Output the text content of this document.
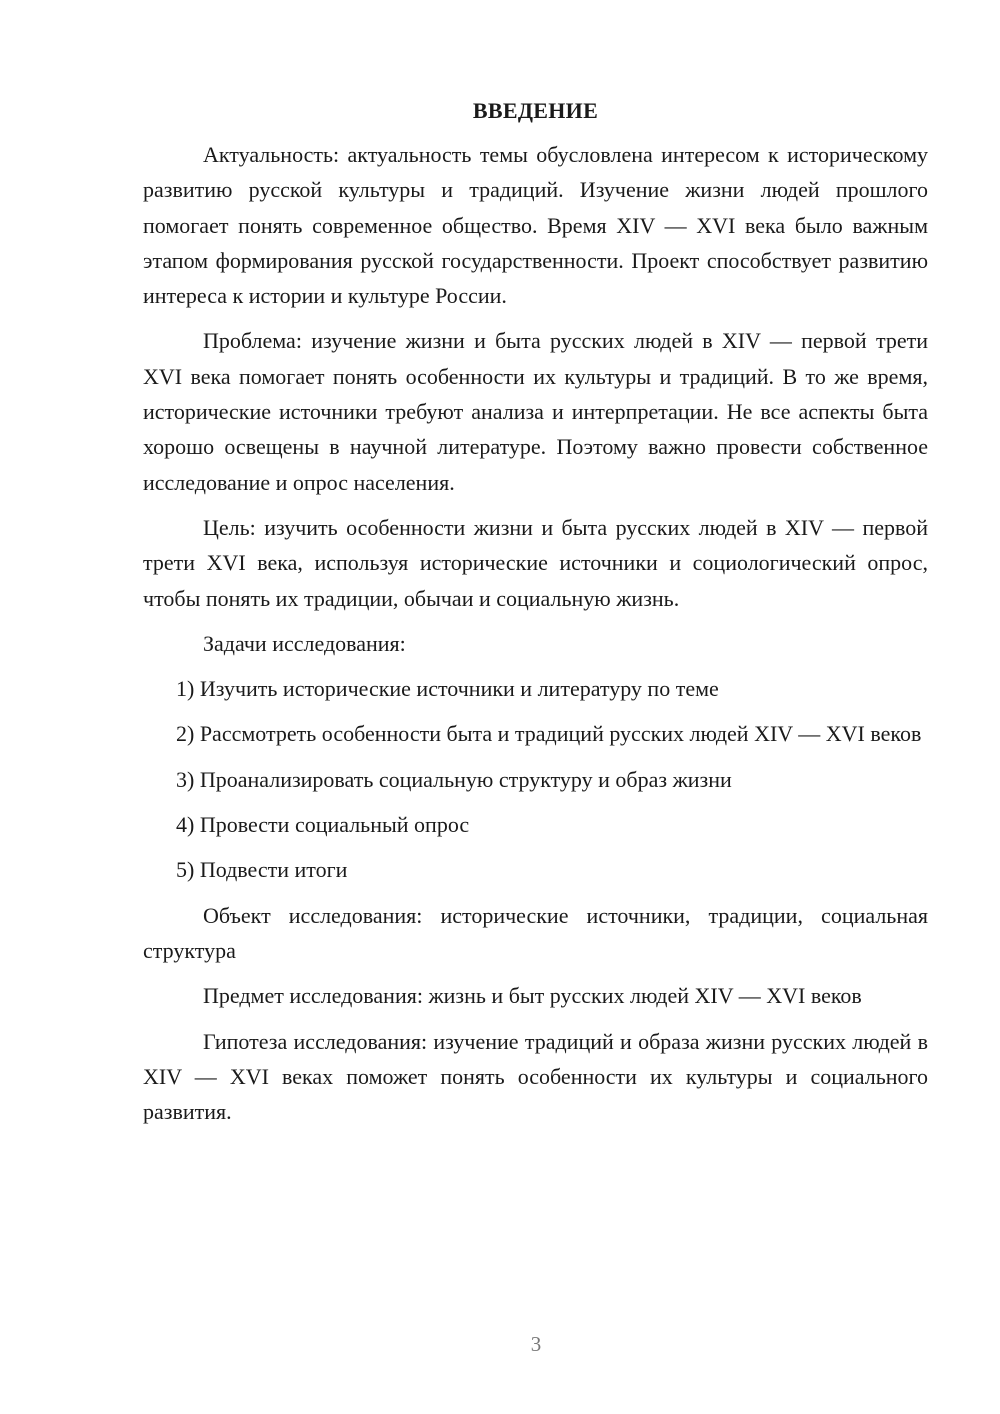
ВВЕДЕНИЕ

Актуальность: актуальность темы обусловлена интересом к историческому развитию русской культуры и традиций. Изучение жизни людей прошлого помогает понять современное общество. Время XIV — XVI века было важным этапом формирования русской государственности. Проект способствует развитию интереса к истории и культуре России.

Проблема: изучение жизни и быта русских людей в XIV — первой трети XVI века помогает понять особенности их культуры и традиций. В то же время, исторические источники требуют анализа и интерпретации. Не все аспекты быта хорошо освещены в научной литературе. Поэтому важно провести собственное исследование и опрос населения.

Цель: изучить особенности жизни и быта русских людей в XIV — первой трети XVI века, используя исторические источники и социологический опрос, чтобы понять их традиции, обычаи и социальную жизнь.

Задачи исследования:

1) Изучить исторические источники и литературу по теме

2) Рассмотреть особенности быта и традиций русских людей XIV — XVI веков

3) Проанализировать социальную структуру и образ жизни

4) Провести социальный опрос

5) Подвести итоги

Объект исследования: исторические источники, традиции, социальная структура

Предмет исследования: жизнь и быт русских людей XIV — XVI веков

Гипотеза исследования: изучение традиций и образа жизни русских людей в XIV — XVI веках поможет понять особенности их культуры и социального развития.

3
